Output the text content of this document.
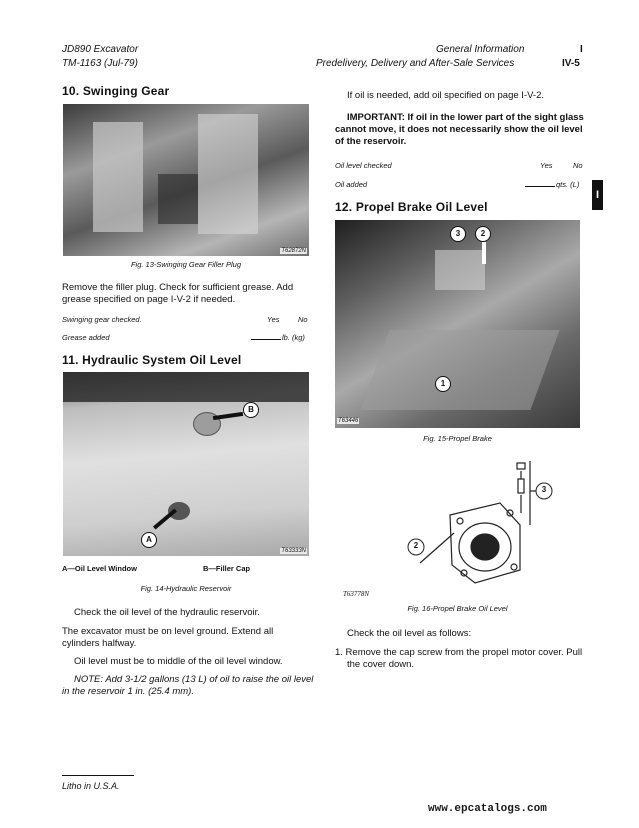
JD890 Excavator
TM-1163 (Jul-79)
General Information
Predelivery, Delivery and After-Sale Services
I
IV-5
I
10. Swinging Gear
T62872N
Fig. 13-Swinging Gear Filler Plug
Remove the filler plug. Check for sufficient grease. Add grease specified on page I-V-2 if needed.
Swinging gear checked.	Yes No
Grease added	lb. (kg)
11. Hydraulic System Oil Level
B
A
T63333N
A—Oil Level Window	B—Filler Cap
Fig. 14-Hydraulic Reservoir
Check the oil level of the hydraulic reservoir.
The excavator must be on level ground. Extend all cylinders halfway.
Oil level must be to middle of the oil level window.
NOTE: Add 3-1/2 gallons (13 L) of oil to raise the oil level in the reservoir 1 in. (25.4 mm).
If oil is needed, add oil specified on page I-V-2.
IMPORTANT: If oil in the lower part of the sight glass cannot move, it does not necessarily show the oil level of the reservoir.
Oil level checked	Yes	No
Oil added	qts. (L)
12. Propel Brake Oil Level
3	2
1
T63446
Fig. 15-Propel Brake
2
3
T63778N
Fig. 16-Propel Brake Oil Level
Check the oil level as follows:
1. Remove the cap screw from the propel motor cover. Pull the cover down.
Litho in U.S.A.
www.epcatalogs.com
